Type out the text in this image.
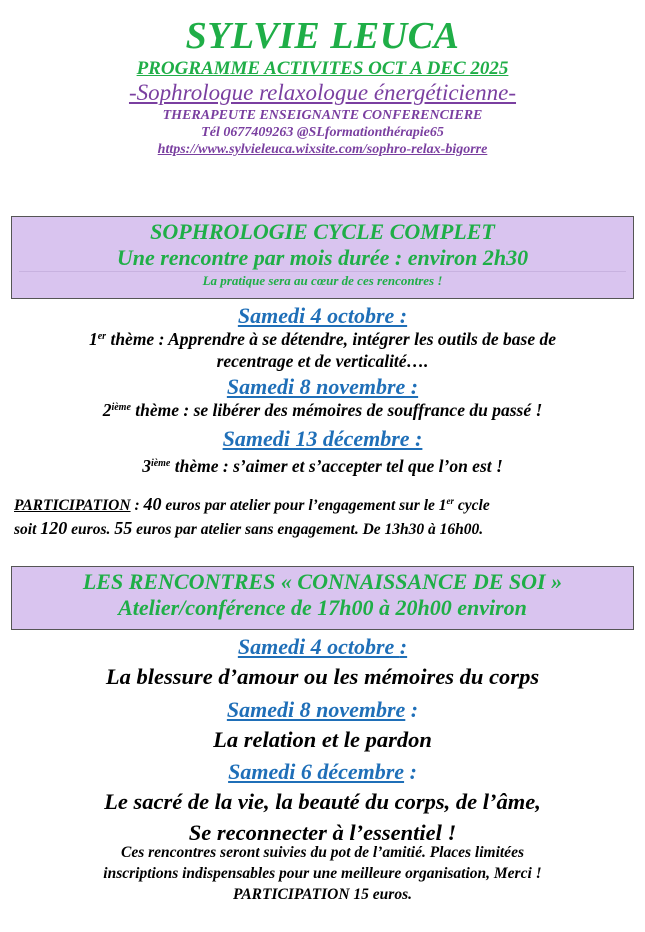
SYLVIE LEUCA
PROGRAMME ACTIVITES OCT A DEC 2025
-Sophrologue relaxologue énergéticienne-
THERAPEUTE ENSEIGNANTE CONFERENCIERE
Tél 0677409263 @SLformationthérapie65
https://www.sylvieleuca.wixsite.com/sophro-relax-bigorre
SOPHROLOGIE CYCLE COMPLET
Une rencontre par mois durée : environ 2h30
La pratique sera au cœur de ces rencontres !
Samedi 4 octobre :
1er thème : Apprendre à se détendre, intégrer les outils de base de
recentrage et de verticalité….
Samedi 8 novembre :
2ième thème : se libérer des mémoires de souffrance du passé !
Samedi 13 décembre :
3ième thème : s’aimer et s’accepter tel que l’on est !
PARTICIPATION : 40 euros par atelier pour l’engagement sur le 1er cycle
soit 120 euros. 55 euros par atelier sans engagement. De 13h30 à 16h00.
LES RENCONTRES « CONNAISSANCE DE SOI »
Atelier/conférence de 17h00 à 20h00 environ
Samedi 4 octobre :
La blessure d’amour ou les mémoires du corps
Samedi 8 novembre :
La relation et le pardon
Samedi 6 décembre :
Le sacré de la vie, la beauté du corps, de l’âme,
Se reconnecter à l’essentiel !
Ces rencontres seront suivies du pot de l’amitié. Places limitées
inscriptions indispensables pour une meilleure organisation, Merci !
PARTICIPATION 15 euros.
